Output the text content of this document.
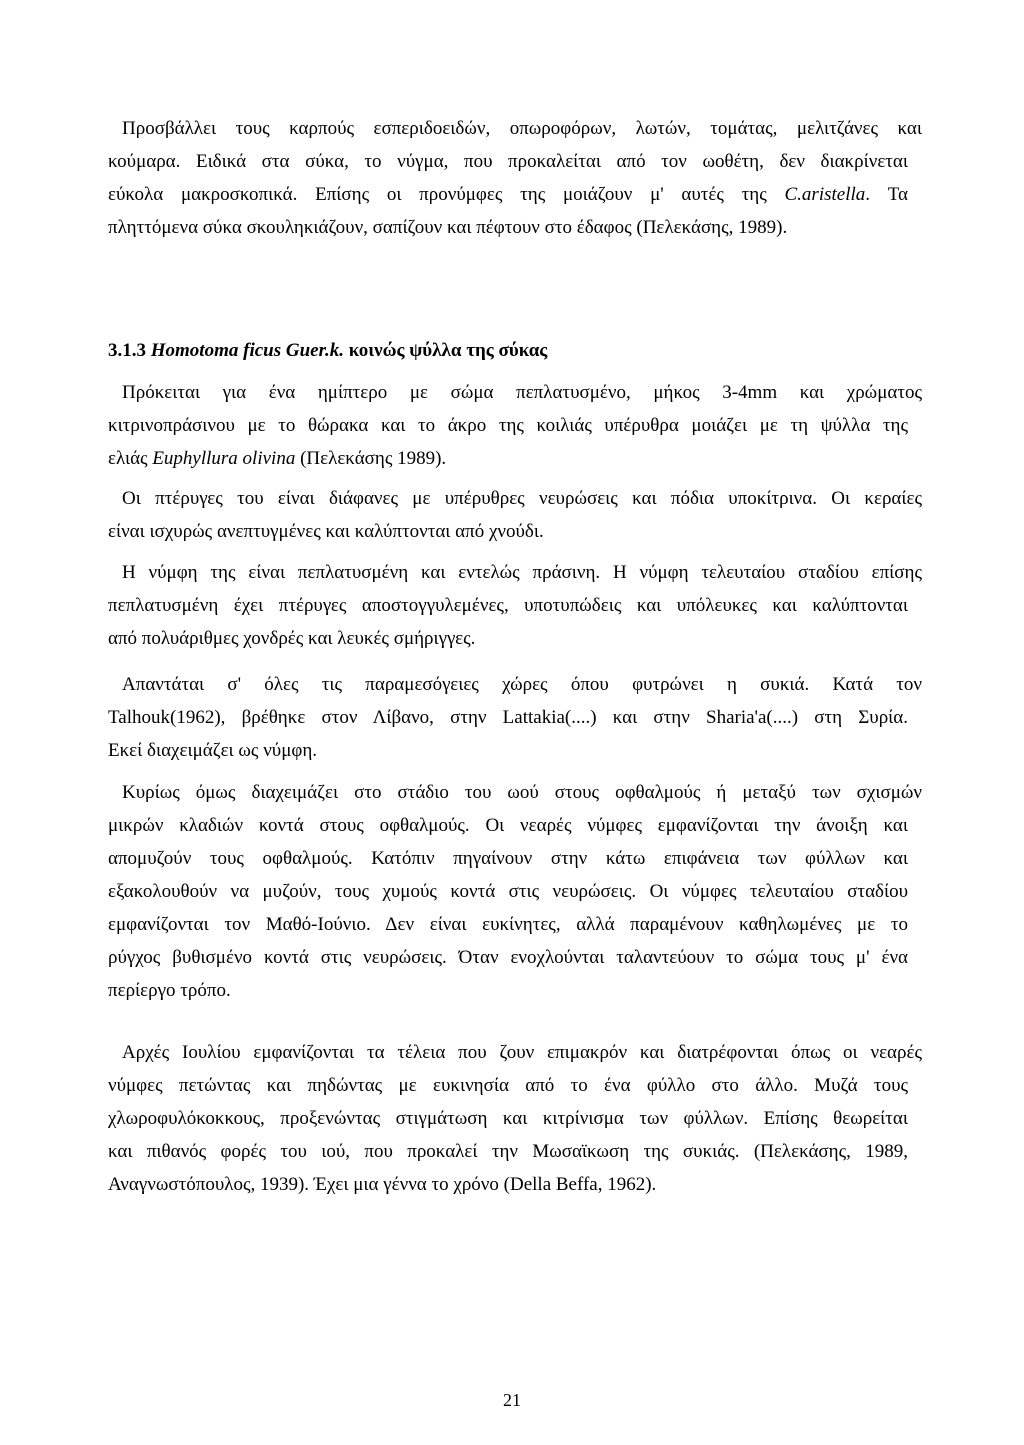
Προσβάλλει τους καρπούς εσπεριδοειδών, οπωροφόρων, λωτών, τομάτας, μελιτζάνες και
κούμαρα. Ειδικά στα σύκα, το νύγμα, που προκαλείται από τον ωοθέτη, δεν διακρίνεται
εύκολα μακροσκοπικά. Επίσης οι προνύμφες της μοιάζουν μ' αυτές της C.aristella. Τα
πληττόμενα σύκα σκουληκιάζουν, σαπίζουν και πέφτουν στο έδαφος (Πελεκάσης, 1989).
3.1.3 Homotoma ficus Guer.k. κοινώς ψύλλα της σύκας
Πρόκειται για ένα ημίπτερο με σώμα πεπλατυσμένο, μήκος 3-4mm και χρώματος
κιτρινοπράσινου με το θώρακα και το άκρο της κοιλιάς υπέρυθρα μοιάζει με τη ψύλλα της
ελιάς Euphyllura olivina (Πελεκάσης 1989).
Οι πτέρυγες του είναι διάφανες με υπέρυθρες νευρώσεις και πόδια υποκίτρινα. Οι κεραίες
είναι ισχυρώς ανεπτυγμένες και καλύπτονται από χνούδι.
Η νύμφη της είναι πεπλατυσμένη και εντελώς πράσινη. Η νύμφη τελευταίου σταδίου επίσης
πεπλατυσμένη έχει πτέρυγες αποστογγυλεμένες, υποτυπώδεις και υπόλευκες και καλύπτονται
από πολυάριθμες χονδρές και λευκές σμήριγγες.
Απαντάται σ' όλες τις παραμεσόγειες χώρες όπου φυτρώνει η συκιά. Κατά τον
Talhouk(1962), βρέθηκε στον Λίβανο, στην Lattakia(....) και στην Sharia'a(....) στη Συρία.
Εκεί διαχειμάζει ως νύμφη.
Κυρίως όμως διαχειμάζει στο στάδιο του ωού στους οφθαλμούς ή μεταξύ των σχισμών
μικρών κλαδιών κοντά στους οφθαλμούς. Οι νεαρές νύμφες εμφανίζονται την άνοιξη και
απομυζούν τους οφθαλμούς. Κατόπιν πηγαίνουν στην κάτω επιφάνεια των φύλλων και
εξακολουθούν να μυζούν, τους χυμούς κοντά στις νευρώσεις. Οι νύμφες τελευταίου σταδίου
εμφανίζονται τον Μαθό-Ιούνιο. Δεν είναι ευκίνητες, αλλά παραμένουν καθηλωμένες με το
ρύγχος βυθισμένο κοντά στις νευρώσεις. Όταν ενοχλούνται ταλαντεύουν το σώμα τους μ' ένα
περίεργο τρόπο.
Αρχές Ιουλίου εμφανίζονται τα τέλεια που ζουν επιμακρόν και διατρέφονται όπως οι νεαρές
νύμφες πετώντας και πηδώντας με ευκινησία από το ένα φύλλο στο άλλο. Μυζά τους
χλωροφυλόκοκκους, προξενώντας στιγμάτωση και κιτρίνισμα των φύλλων. Επίσης θεωρείται
και πιθανός φορές του ιού, που προκαλεί την Μωσαϊκωση της συκιάς. (Πελεκάσης, 1989,
Αναγνωστόπουλος, 1939). Έχει μια γέννα το χρόνο (Della Beffa, 1962).
21
